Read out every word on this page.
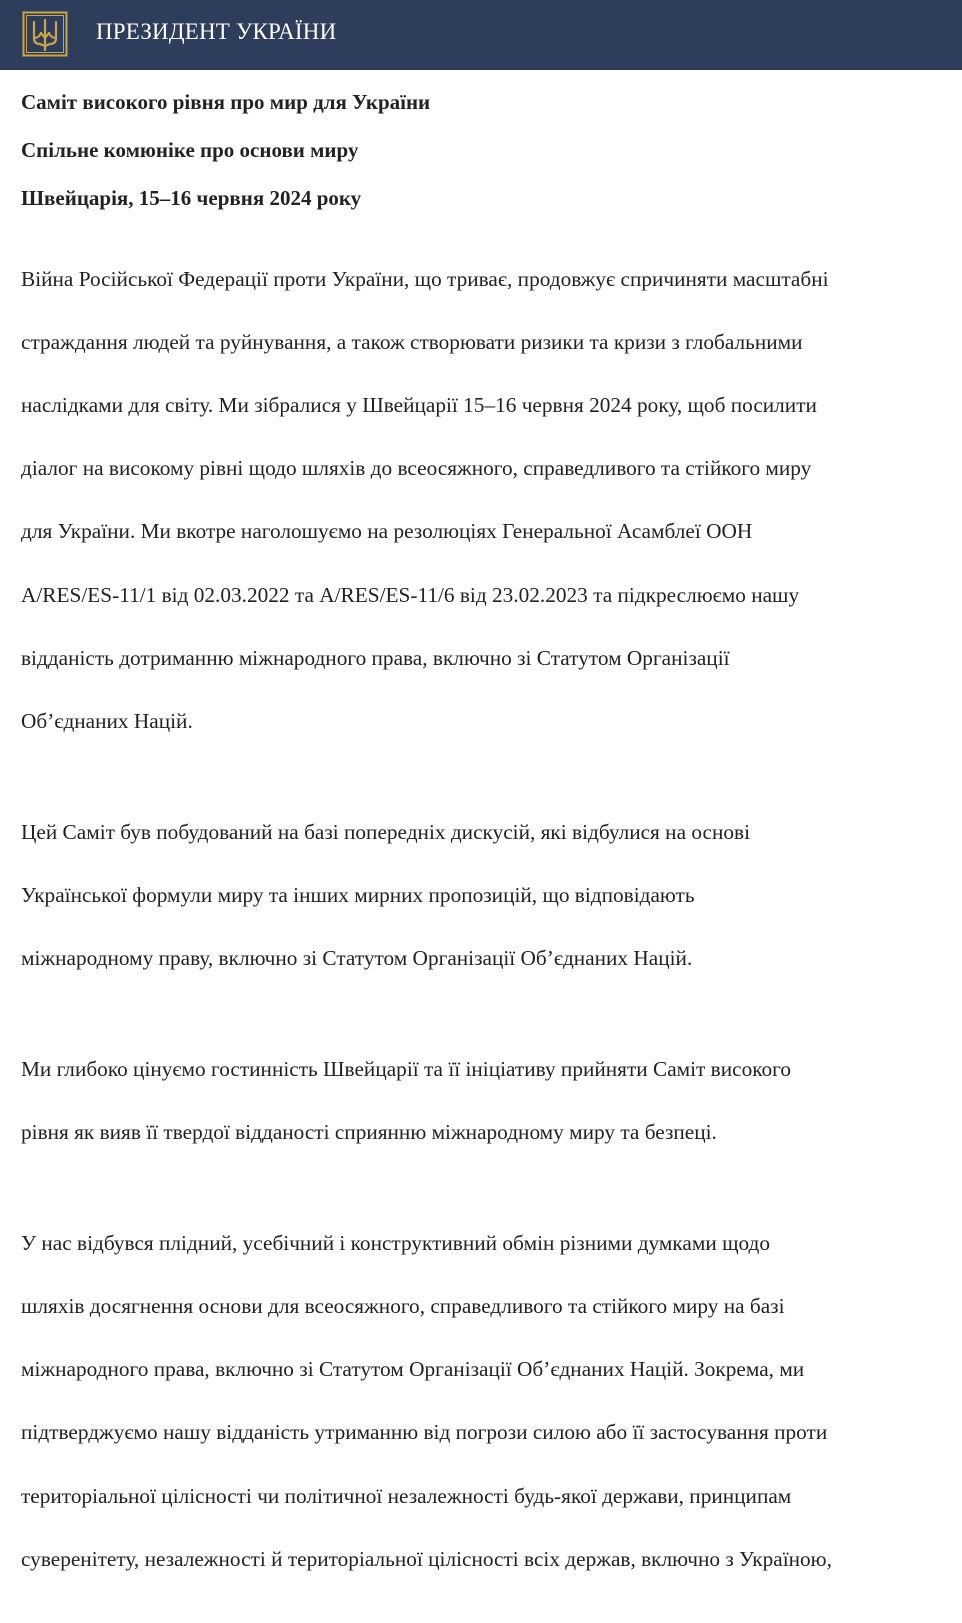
ПРЕЗИДЕНТ УКРАЇНИ
Саміт високого рівня про мир для України
Спільне комюніке про основи миру
Швейцарія, 15–16 червня 2024 року

Війна Російської Федерації проти України, що триває, продовжує спричиняти масштабні

страждання людей та руйнування, а також створювати ризики та кризи з глобальними

наслідками для світу. Ми зібралися у Швейцарії 15–16 червня 2024 року, щоб посилити

діалог на високому рівні щодо шляхів до всеосяжного, справедливого та стійкого миру

для України. Ми вкотре наголошуємо на резолюціях Генеральної Асамблеї ООН

A/RES/ES-11/1 від 02.03.2022 та A/RES/ES-11/6 від 23.02.2023 та підкреслюємо нашу

відданість дотриманню міжнародного права, включно зі Статутом Організації

Об’єднаних Націй.

Цей Саміт був побудований на базі попередніх дискусій, які відбулися на основі

Української формули миру та інших мирних пропозицій, що відповідають

міжнародному праву, включно зі Статутом Організації Об’єднаних Націй.

Ми глибоко цінуємо гостинність Швейцарії та її ініціативу прийняти Саміт високого

рівня як вияв її твердої відданості сприянню міжнародному миру та безпеці.

У нас відбувся плідний, усебічний і конструктивний обмін різними думками щодо

шляхів досягнення основи для всеосяжного, справедливого та стійкого миру на базі

міжнародного права, включно зі Статутом Організації Об’єднаних Націй. Зокрема, ми

підтверджуємо нашу відданість утриманню від погрози силою або її застосування проти

територіальної цілісності чи політичної незалежності будь-якої держави, принципам

суверенітету, незалежності й територіальної цілісності всіх держав, включно з Україною,
